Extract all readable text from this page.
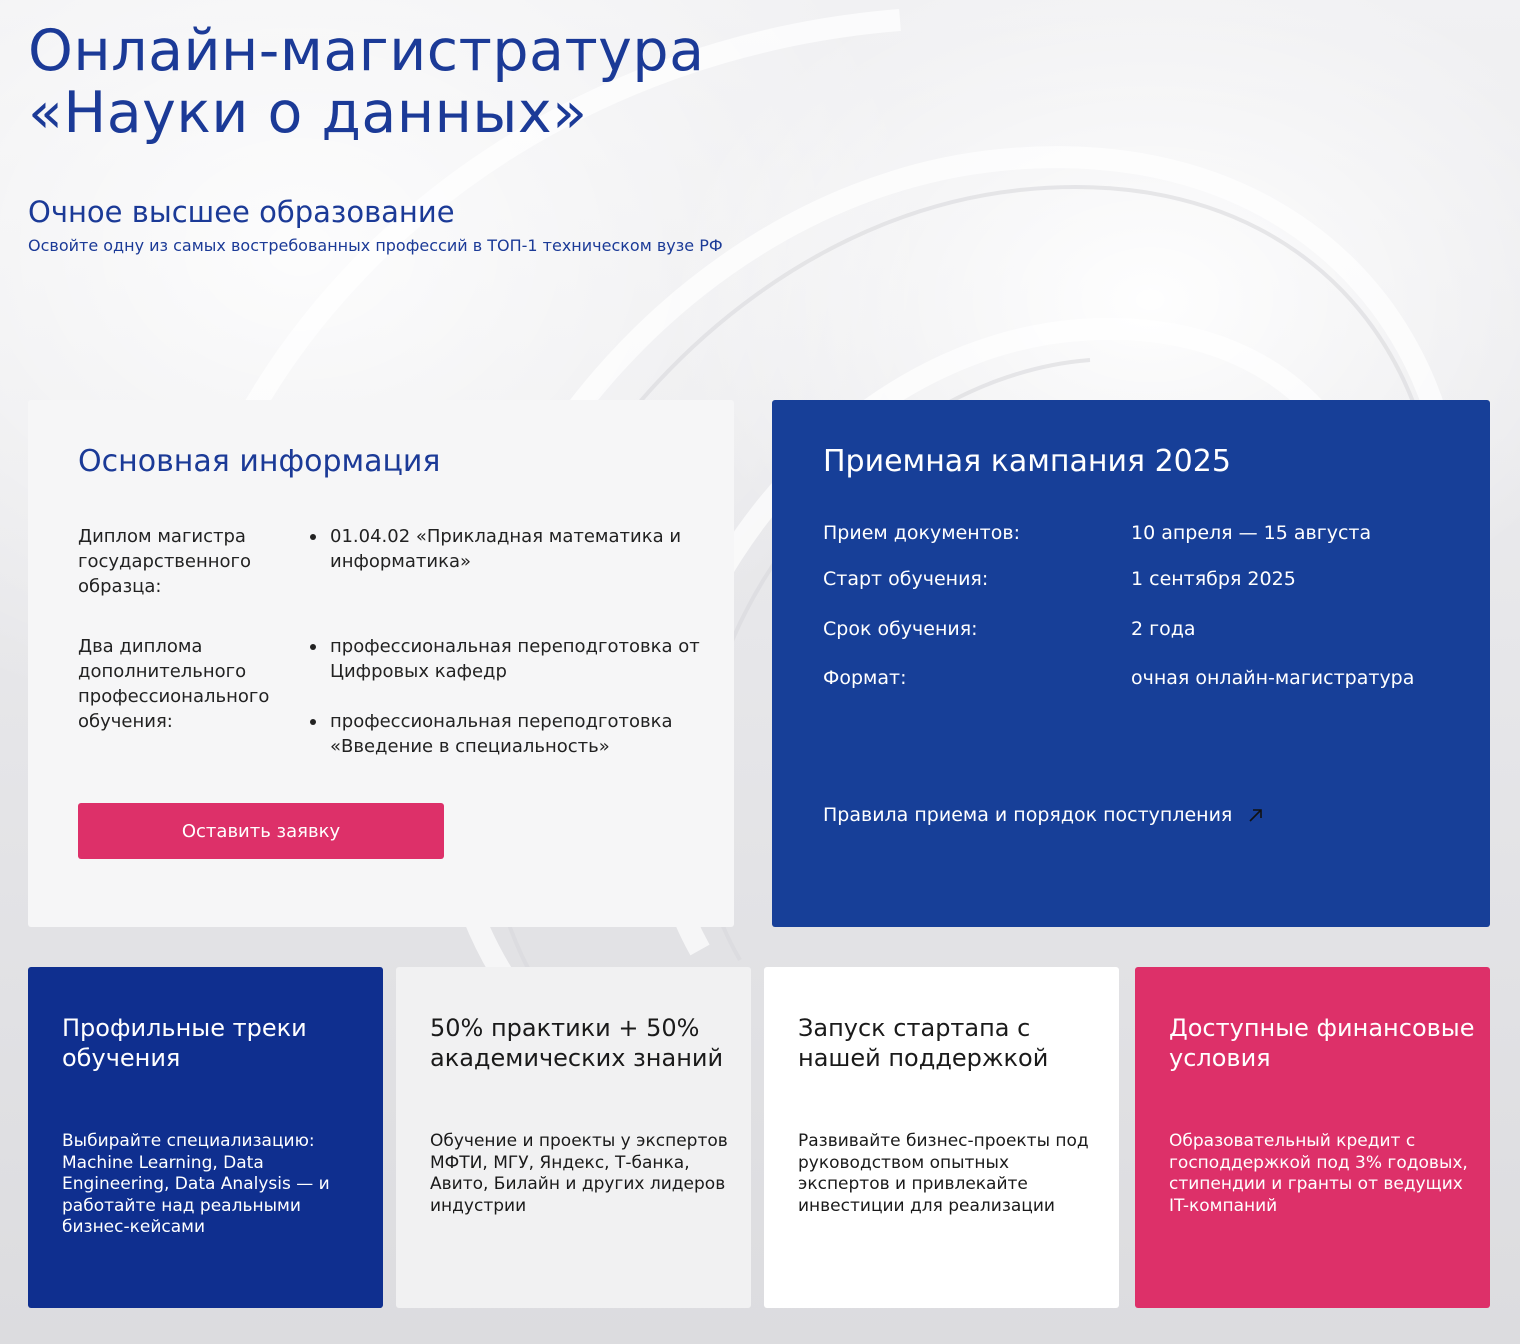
Онлайн-магистратура
«Науки о данных»
Очное высшее образование
Освойте одну из самых востребованных профессий в ТОП-1 техническом вузе РФ
Основная информация
Диплом магистра государственного образца:
01.04.02 «Прикладная математика и информатика»
Два диплома дополнительного профессионального обучения:
профессиональная переподготовка от Цифровых кафедр
профессиональная переподготовка «Введение в специальность»
Оставить заявку
Приемная кампания 2025
Прием документов:	10 апреля — 15 августа
Старт обучения:	1 сентября 2025
Срок обучения:	2 года
Формат:	очная онлайн-магистратура
Правила приема и порядок поступления
Профильные треки обучения

Выбирайте специализацию: Machine Learning, Data Engineering, Data Analysis — и работайте над реальными бизнес-кейсами

50% практики + 50% академических знаний

Обучение и проекты у экспертов МФТИ, МГУ, Яндекс, Т-банка, Авито, Билайн и других лидеров индустрии

Запуск стартапа с нашей поддержкой

Развивайте бизнес-проекты под руководством опытных экспертов и привлекайте инвестиции для реализации

Доступные финансовые условия

Образовательный кредит с господдержкой под 3% годовых, стипендии и гранты от ведущих IT-компаний
